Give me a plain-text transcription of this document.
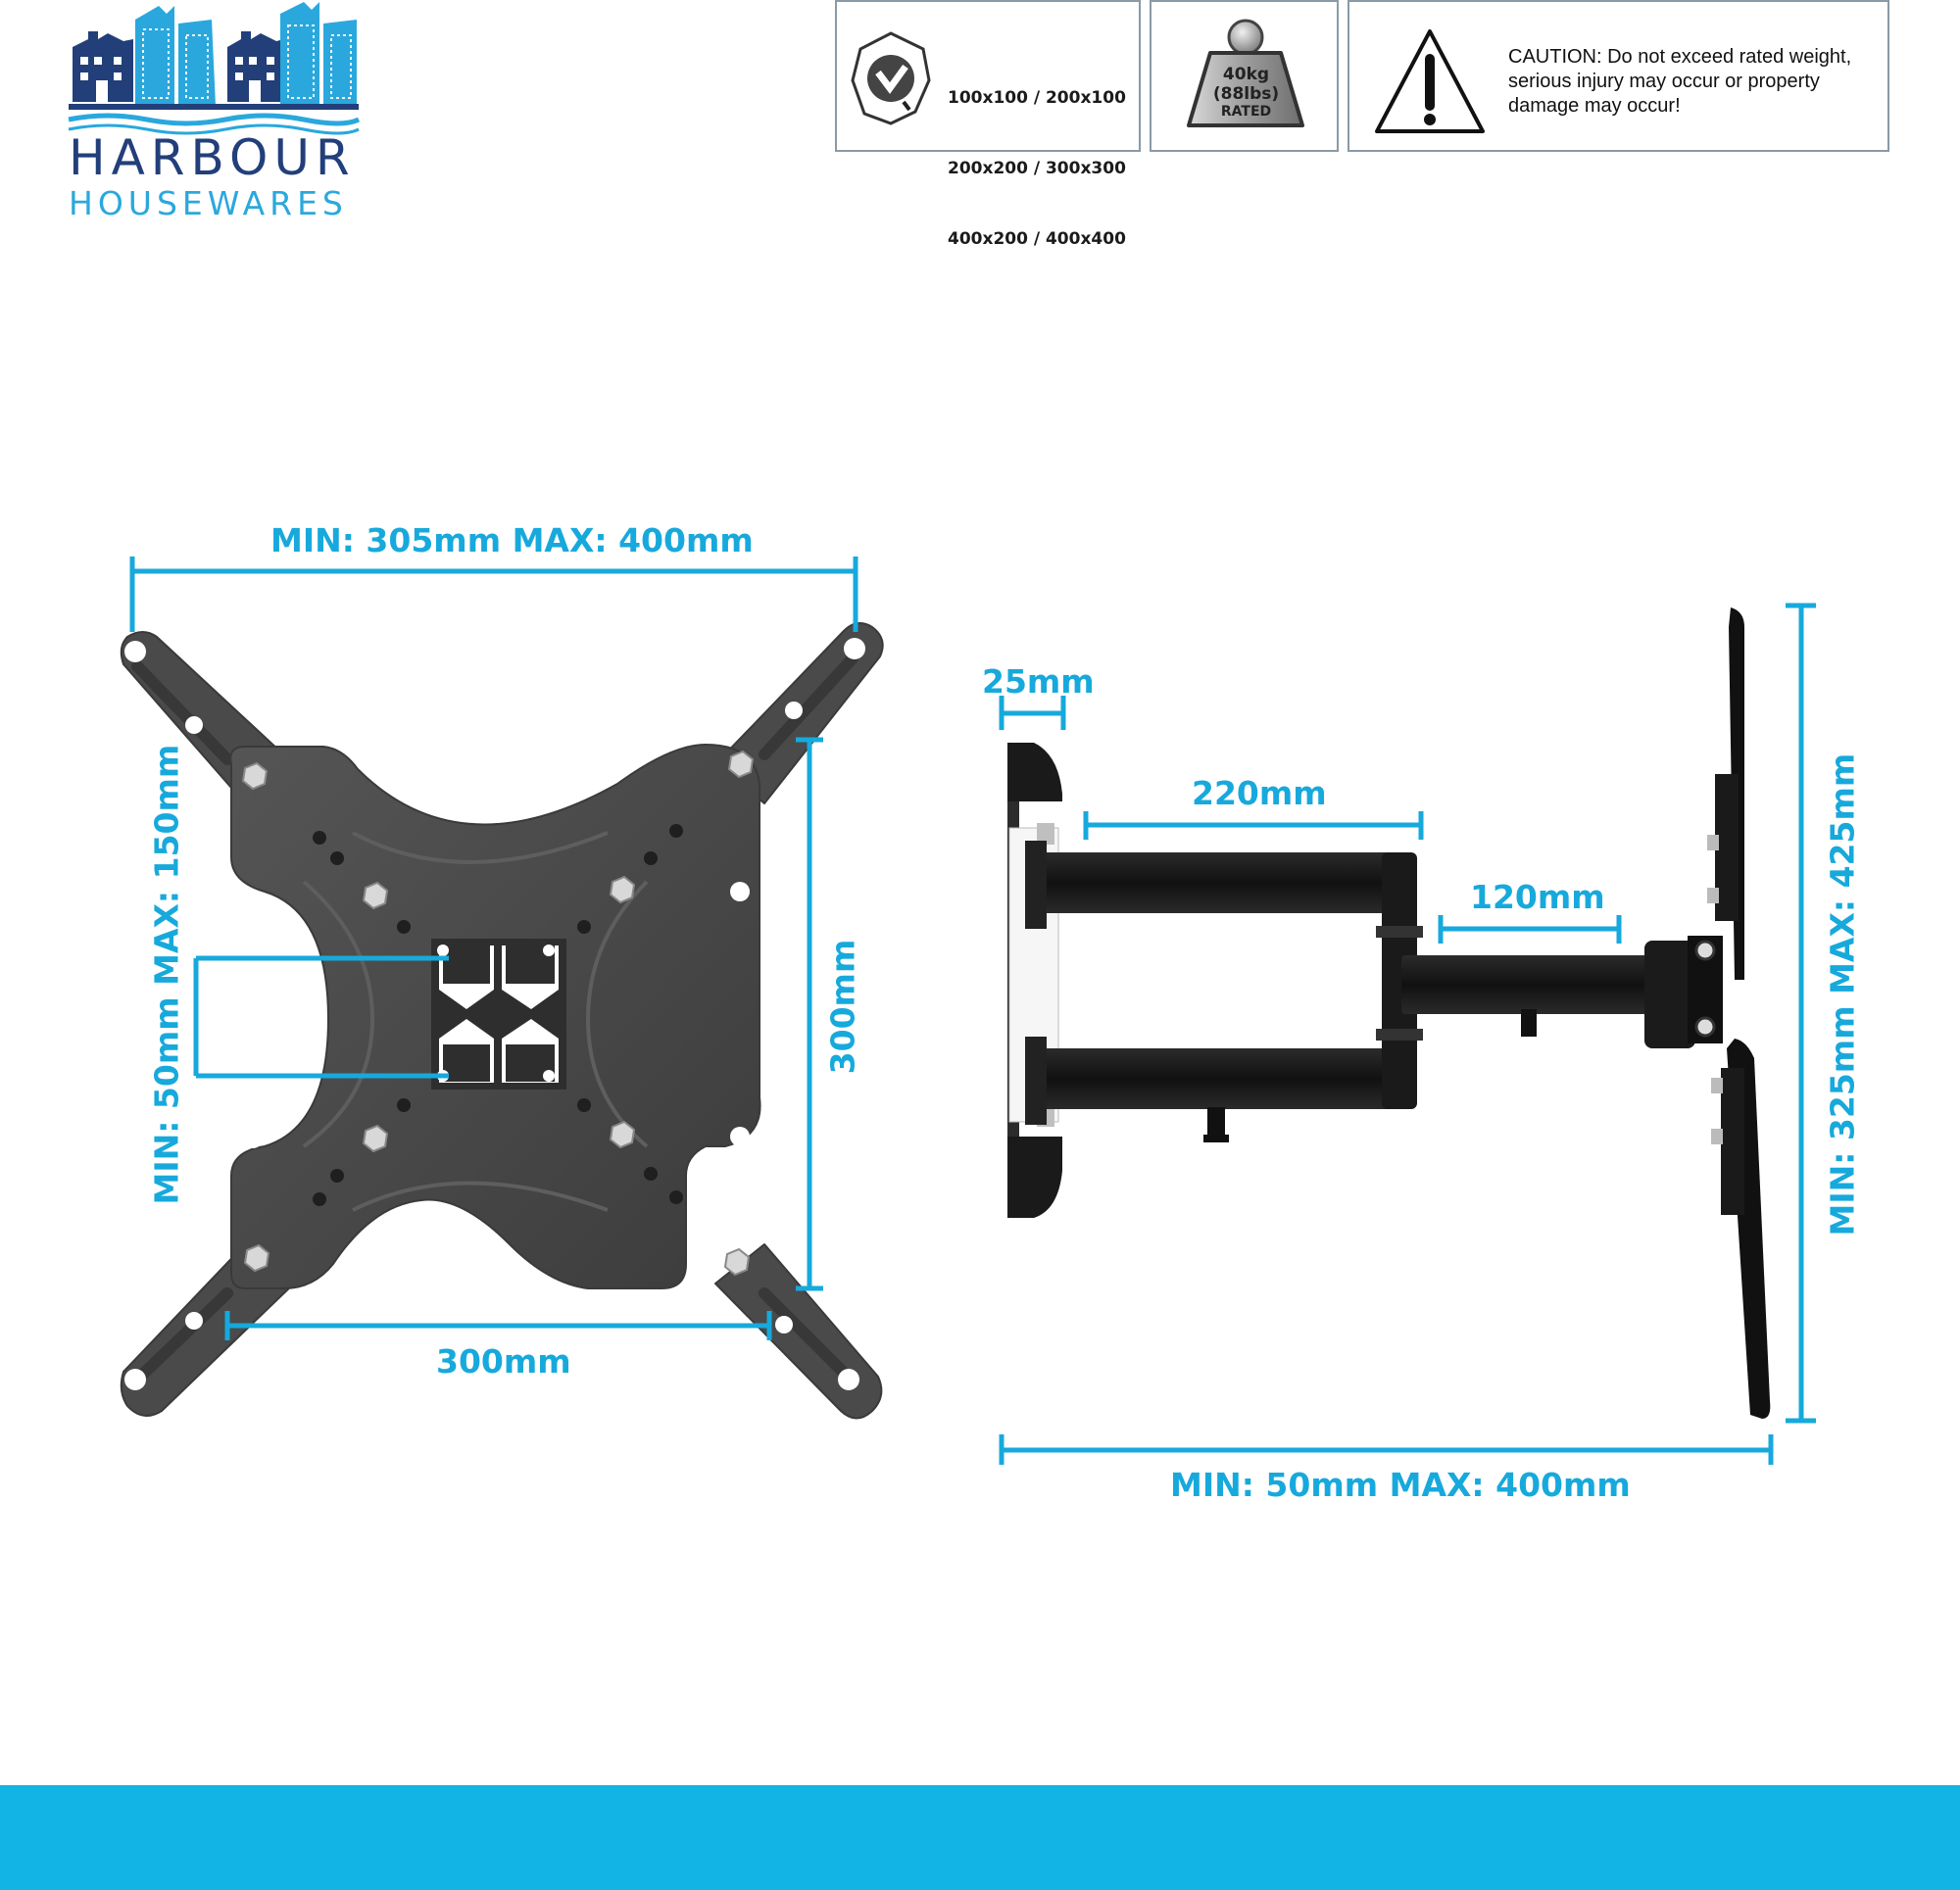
HARBOUR
HOUSEWARES

100x100 / 200x100

200x200 / 300x300

400x200 / 400x400

40kg
(88lbs)
RATED
CAUTION: Do not exceed rated weight, serious injury may occur or property damage may occur!
MIN: 305mm MAX: 400mm
MIN: 50mm MAX: 150mm	300mm
300mm
25mm
220mm
120mm
MIN: 50mm MAX: 400mm
MIN: 325mm MAX: 425mm
